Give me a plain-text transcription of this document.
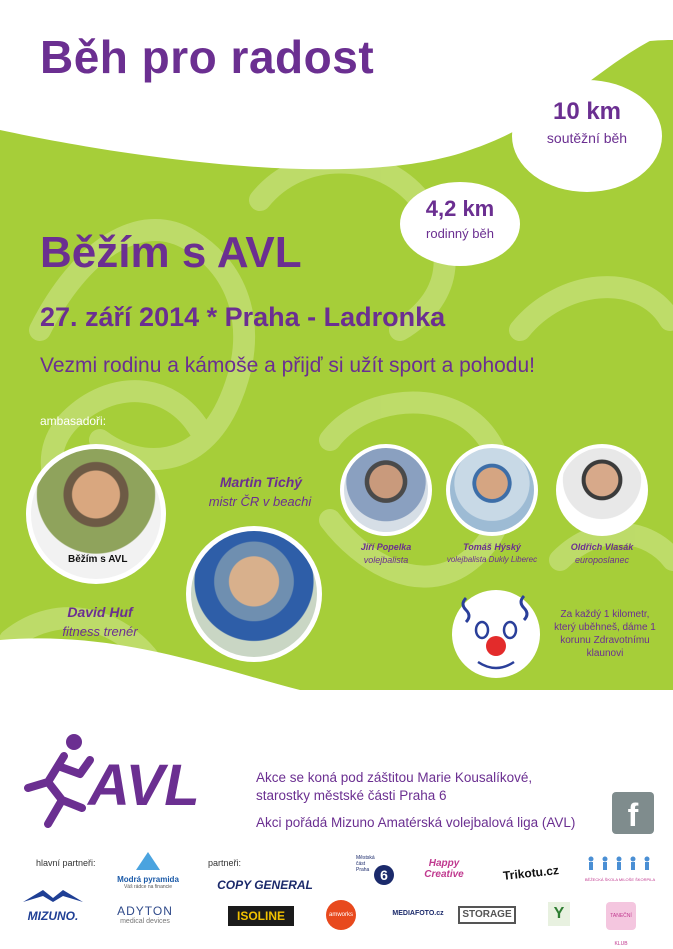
Běh pro radost
10 km
soutěžní běh
4,2 km
rodinný běh
Běžím s AVL
27. září 2014 * Praha - Ladronka
Vezmi rodinu a kámoše a přijď si užít sport a pohodu!
ambasadoři:
Běžím s AVL
David Huf
fitness trenér
Martin Tichý
mistr ČR v beachi
Jiří Popelka
volejbalista
Tomáš Hýský
volejbalista Dukly Liberec
Oldřich Vlasák
europoslanec
Za každý 1 kilometr, který uběhneš, dáme 1 korunu Zdravotnímu klaunovi
AVL	Akce se koná pod záštitou Marie Kousalíkové,
starostky městské části Praha 6
Akci pořádá Mizuno Amatérská volejbalová liga (AVL)	f
hlavní partneři:	partneři:
Modrá pyramida
Váš rádce na financie
MIZUNO.	ADYTON
medical devices
COPY GENERAL
Městská část Praha 6
Happy Creative	Trikotu.cz	BĚŽECKÁ ŠKOLA MILOŠE ŠKORPILA
ISOLINE	amworks	MEDIAFOTO.cz	STORAGE	Y	TANEČNÍ KLUB
